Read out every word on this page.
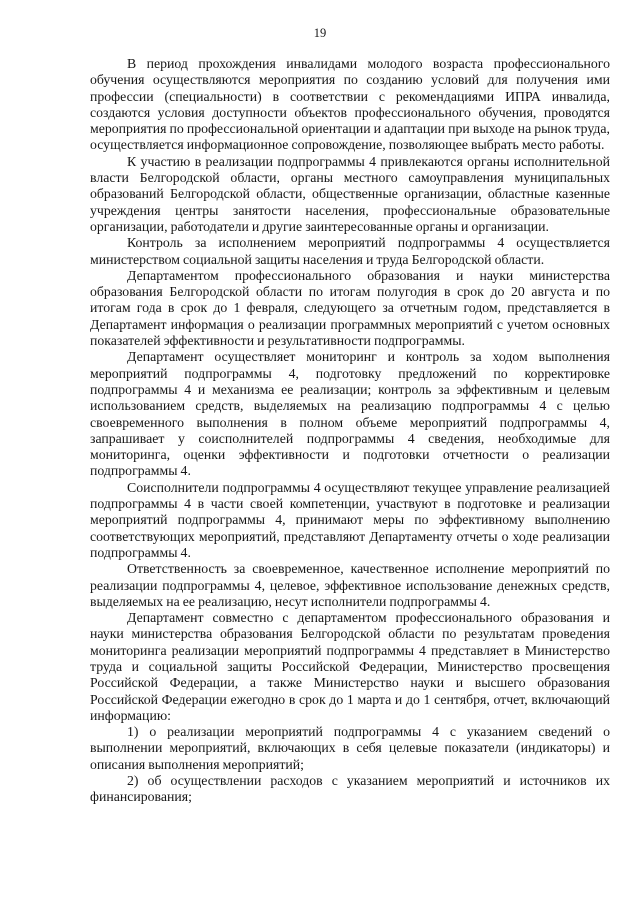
19

В период прохождения инвалидами молодого возраста профессионального обучения осуществляются мероприятия по созданию условий для получения ими профессии (специальности) в соответствии с рекомендациями ИПРА инвалида, создаются условия доступности объектов профессионального обучения, проводятся мероприятия по профессиональной ориентации и адаптации при выходе на рынок труда, осуществляется информационное сопровождение, позволяющее выбрать место работы.

К участию в реализации подпрограммы 4 привлекаются органы исполнительной власти Белгородской области, органы местного самоуправления муниципальных образований Белгородской области, общественные организации, областные казенные учреждения центры занятости населения, профессиональные образовательные организации, работодатели и другие заинтересованные органы и организации.

Контроль за исполнением мероприятий подпрограммы 4 осуществляется министерством социальной защиты населения и труда Белгородской области.

Департаментом профессионального образования и науки министерства образования Белгородской области по итогам полугодия в срок до 20 августа и по итогам года в срок до 1 февраля, следующего за отчетным годом, представляется в Департамент информация о реализации программных мероприятий с учетом основных показателей эффективности и результативности подпрограммы.

Департамент осуществляет мониторинг и контроль за ходом выполнения мероприятий подпрограммы 4, подготовку предложений по корректировке подпрограммы 4 и механизма ее реализации; контроль за эффективным и целевым использованием средств, выделяемых на реализацию подпрограммы 4 с целью своевременного выполнения в полном объеме мероприятий подпрограммы 4, запрашивает у соисполнителей подпрограммы 4 сведения, необходимые для мониторинга, оценки эффективности и подготовки отчетности о реализации подпрограммы 4.

Соисполнители подпрограммы 4 осуществляют текущее управление реализацией подпрограммы 4 в части своей компетенции, участвуют в подготовке и реализации мероприятий подпрограммы 4, принимают меры по эффективному выполнению соответствующих мероприятий, представляют Департаменту отчеты о ходе реализации подпрограммы 4.

Ответственность за своевременное, качественное исполнение мероприятий по реализации подпрограммы 4, целевое, эффективное использование денежных средств, выделяемых на ее реализацию, несут исполнители подпрограммы 4.

Департамент совместно с департаментом профессионального образования и науки министерства образования Белгородской области по результатам проведения мониторинга реализации мероприятий подпрограммы 4 представляет в Министерство труда и социальной защиты Российской Федерации, Министерство просвещения Российской Федерации, а также Министерство науки и высшего образования Российской Федерации ежегодно в срок до 1 марта и до 1 сентября, отчет, включающий информацию:

1) о реализации мероприятий подпрограммы 4 с указанием сведений о выполнении мероприятий, включающих в себя целевые показатели (индикаторы) и описания выполнения мероприятий;

2) об осуществлении расходов с указанием мероприятий и источников их финансирования;
